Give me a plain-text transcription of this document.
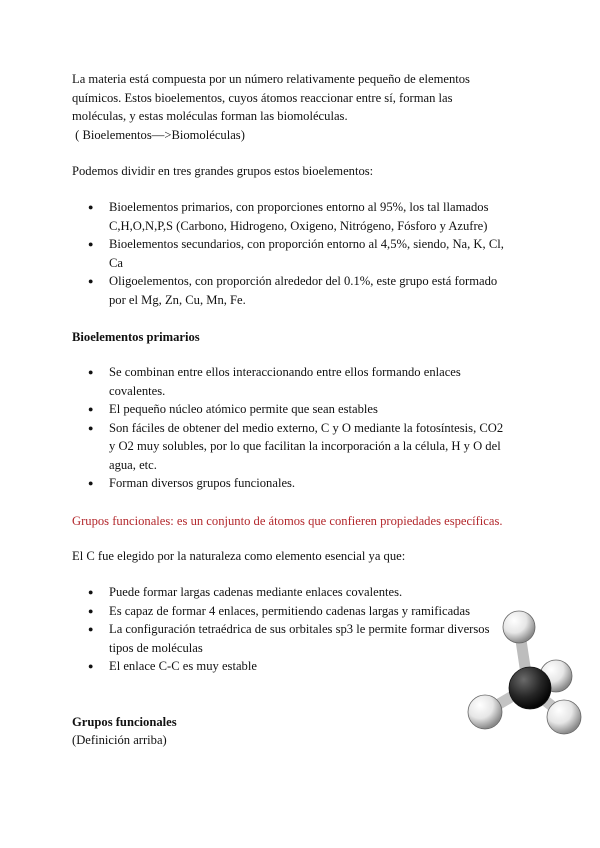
La materia está compuesta por un número relativamente pequeño de elementos
químicos. Estos bioelementos, cuyos átomos reaccionar entre sí, forman las
moléculas, y estas moléculas forman las biomoléculas.
( Bioelementos—>Biomoléculas)
Podemos dividir en tres grandes grupos estos bioelementos:
● Bioelementos primarios, con proporciones entorno al 95%, los tal llamados
C,H,O,N,P,S (Carbono, Hidrogeno, Oxigeno, Nitrógeno, Fósforo y Azufre)
● Bioelementos secundarios, con proporción entorno al 4,5%, siendo, Na, K, Cl,
Ca
● Oligoelementos, con proporción alrededor del 0.1%, este grupo está formado
por el Mg, Zn, Cu, Mn, Fe.
Bioelementos primarios
● Se combinan entre ellos interaccionando entre ellos formando enlaces
covalentes.
● El pequeño núcleo atómico permite que sean estables
● Son fáciles de obtener del medio externo, C y O mediante la fotosíntesis, CO2
y O2 muy solubles, por lo que facilitan la incorporación a la célula, H y O del
agua, etc.
● Forman diversos grupos funcionales.
Grupos funcionales: es un conjunto de átomos que confieren propiedades específicas.
El C fue elegido por la naturaleza como elemento esencial ya que:
● Puede formar largas cadenas mediante enlaces covalentes.
● Es capaz de formar 4 enlaces, permitiendo cadenas largas y ramificadas
● La configuración tetraédrica de sus orbitales sp3 le permite formar diversos
tipos de moléculas
● El enlace C-C es muy estable
Grupos funcionales
(Definición arriba)
